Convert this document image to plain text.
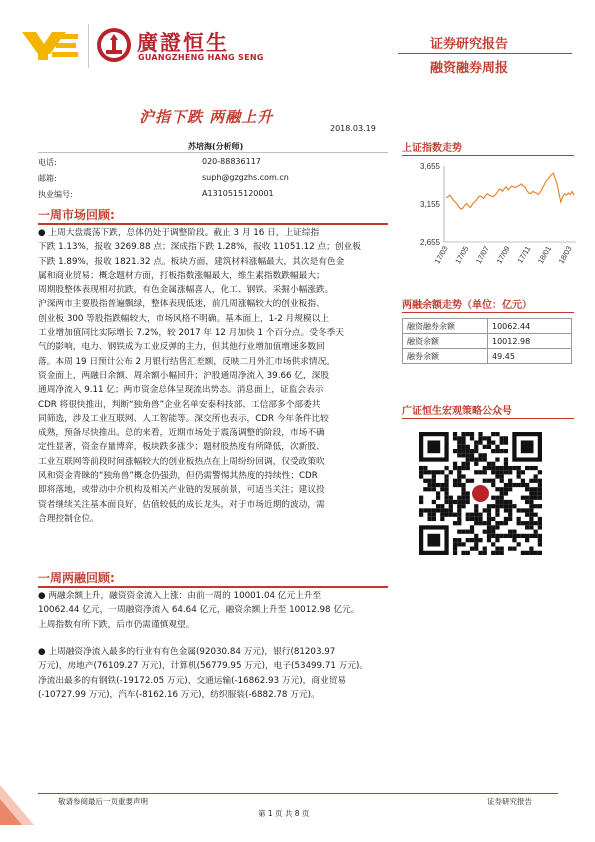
廣證恒生
GUANGZHENG HANG SENG
证券研究报告
融资融券周报
沪指下跌 两融上升
2018.03.19
苏培海(分析师)
电话:	020-88836117
邮箱:	suph@gzgzhs.com.cn
执业编号:	A1310515120001
一周市场回顾:
● 上周大盘震荡下跌，总体仍处于调整阶段。截止 3 月 16 日，上证综指
下跌 1.13%，报收 3269.88 点；深成指下跌 1.28%，报收 11051.12 点；创业板
下跌 1.89%，报收 1821.32 点。板块方面，建筑材料涨幅最大，其次是有色金
属和商业贸易；概念题材方面，打板指数涨幅最大，维生素指数跌幅最大；
周期股整体表现相对抗跌，有色金属涨幅喜人，化工、钢铁、采掘小幅涨跌。
沪深两市主要股指普遍飘绿，整体表现低迷，前几周涨幅较大的创业板指、
创业板 300 等股指跌幅较大，市场风格不明确。基本面上，1-2 月规模以上
工业增加值同比实际增长 7.2%，较 2017 年 12 月加快 1 个百分点。受冬季天
气的影响，电力、钢铁成为工业反弹的主力，但其他行业增加值增速多数回
落。本周 19 日预计公布 2 月银行结售汇差额，反映二月外汇市场供求情况。
资金面上，两融日余额、周余额小幅回升；沪股通周净流入 39.66 亿，深股
通周净流入 9.11 亿；两市资金总体呈现流出势态。消息面上，证监会表示
CDR 将很快推出，判断“独角兽”企业名单安泰科技部、工信部多个部委共
同筛选，涉及工业互联网、人工智能等。深交所也表示，CDR 今年条件比较
成熟，预备尽快推出。总的来看，近期市场处于震荡调整的阶段，市场不确
定性显著，资金存量博弈，板块跌多涨少；题材股热度有所降低，次新股、
工业互联网等前段时间涨幅较大的创业板热点在上周纷纷回调，仅受政策吹
风和资金青睐的“独角兽”概念仍强劲，但仍需警惕其热度的持续性；CDR
即将落地，或带动中介机构及相关产业链的发展前景，可适当关注；建议投
资者继续关注基本面良好，估值较低的成长龙头，对于市场近期的波动，需
合理控制仓位。
一周两融回顾:
● 两融余额上升，融资资金流入上涨：由前一周的 10001.04 亿元上升至
10062.44 亿元，一周融资净流入 64.64 亿元，融资余额上升至 10012.98 亿元。
上周指数有所下跌，后市仍需谨慎观望。
● 上周融资净流入最多的行业有有色金属(92030.84 万元)，银行(81203.97
万元)，房地产(76109.27 万元)，计算机(56779.95 万元)，电子(53499.71 万元)。
净流出最多的有钢铁(-19172.05 万元)，交通运输(-16862.93 万元)，商业贸易
(-10727.99 万元)，汽车(-8162.16 万元)，纺织服装(-6882.78 万元)。
上证指数走势
3,655
3,155
2,655
17/03 17/05 17/07 17/09 17/11 18/01 18/03
两融余额走势（单位：亿元）
融资融券余额	10062.44
融资余额	10012.98
融券余额	49.45
广证恒生宏观策略公众号
敬请参阅最后一页重要声明	证券研究报告
第 1 页 共 8 页
